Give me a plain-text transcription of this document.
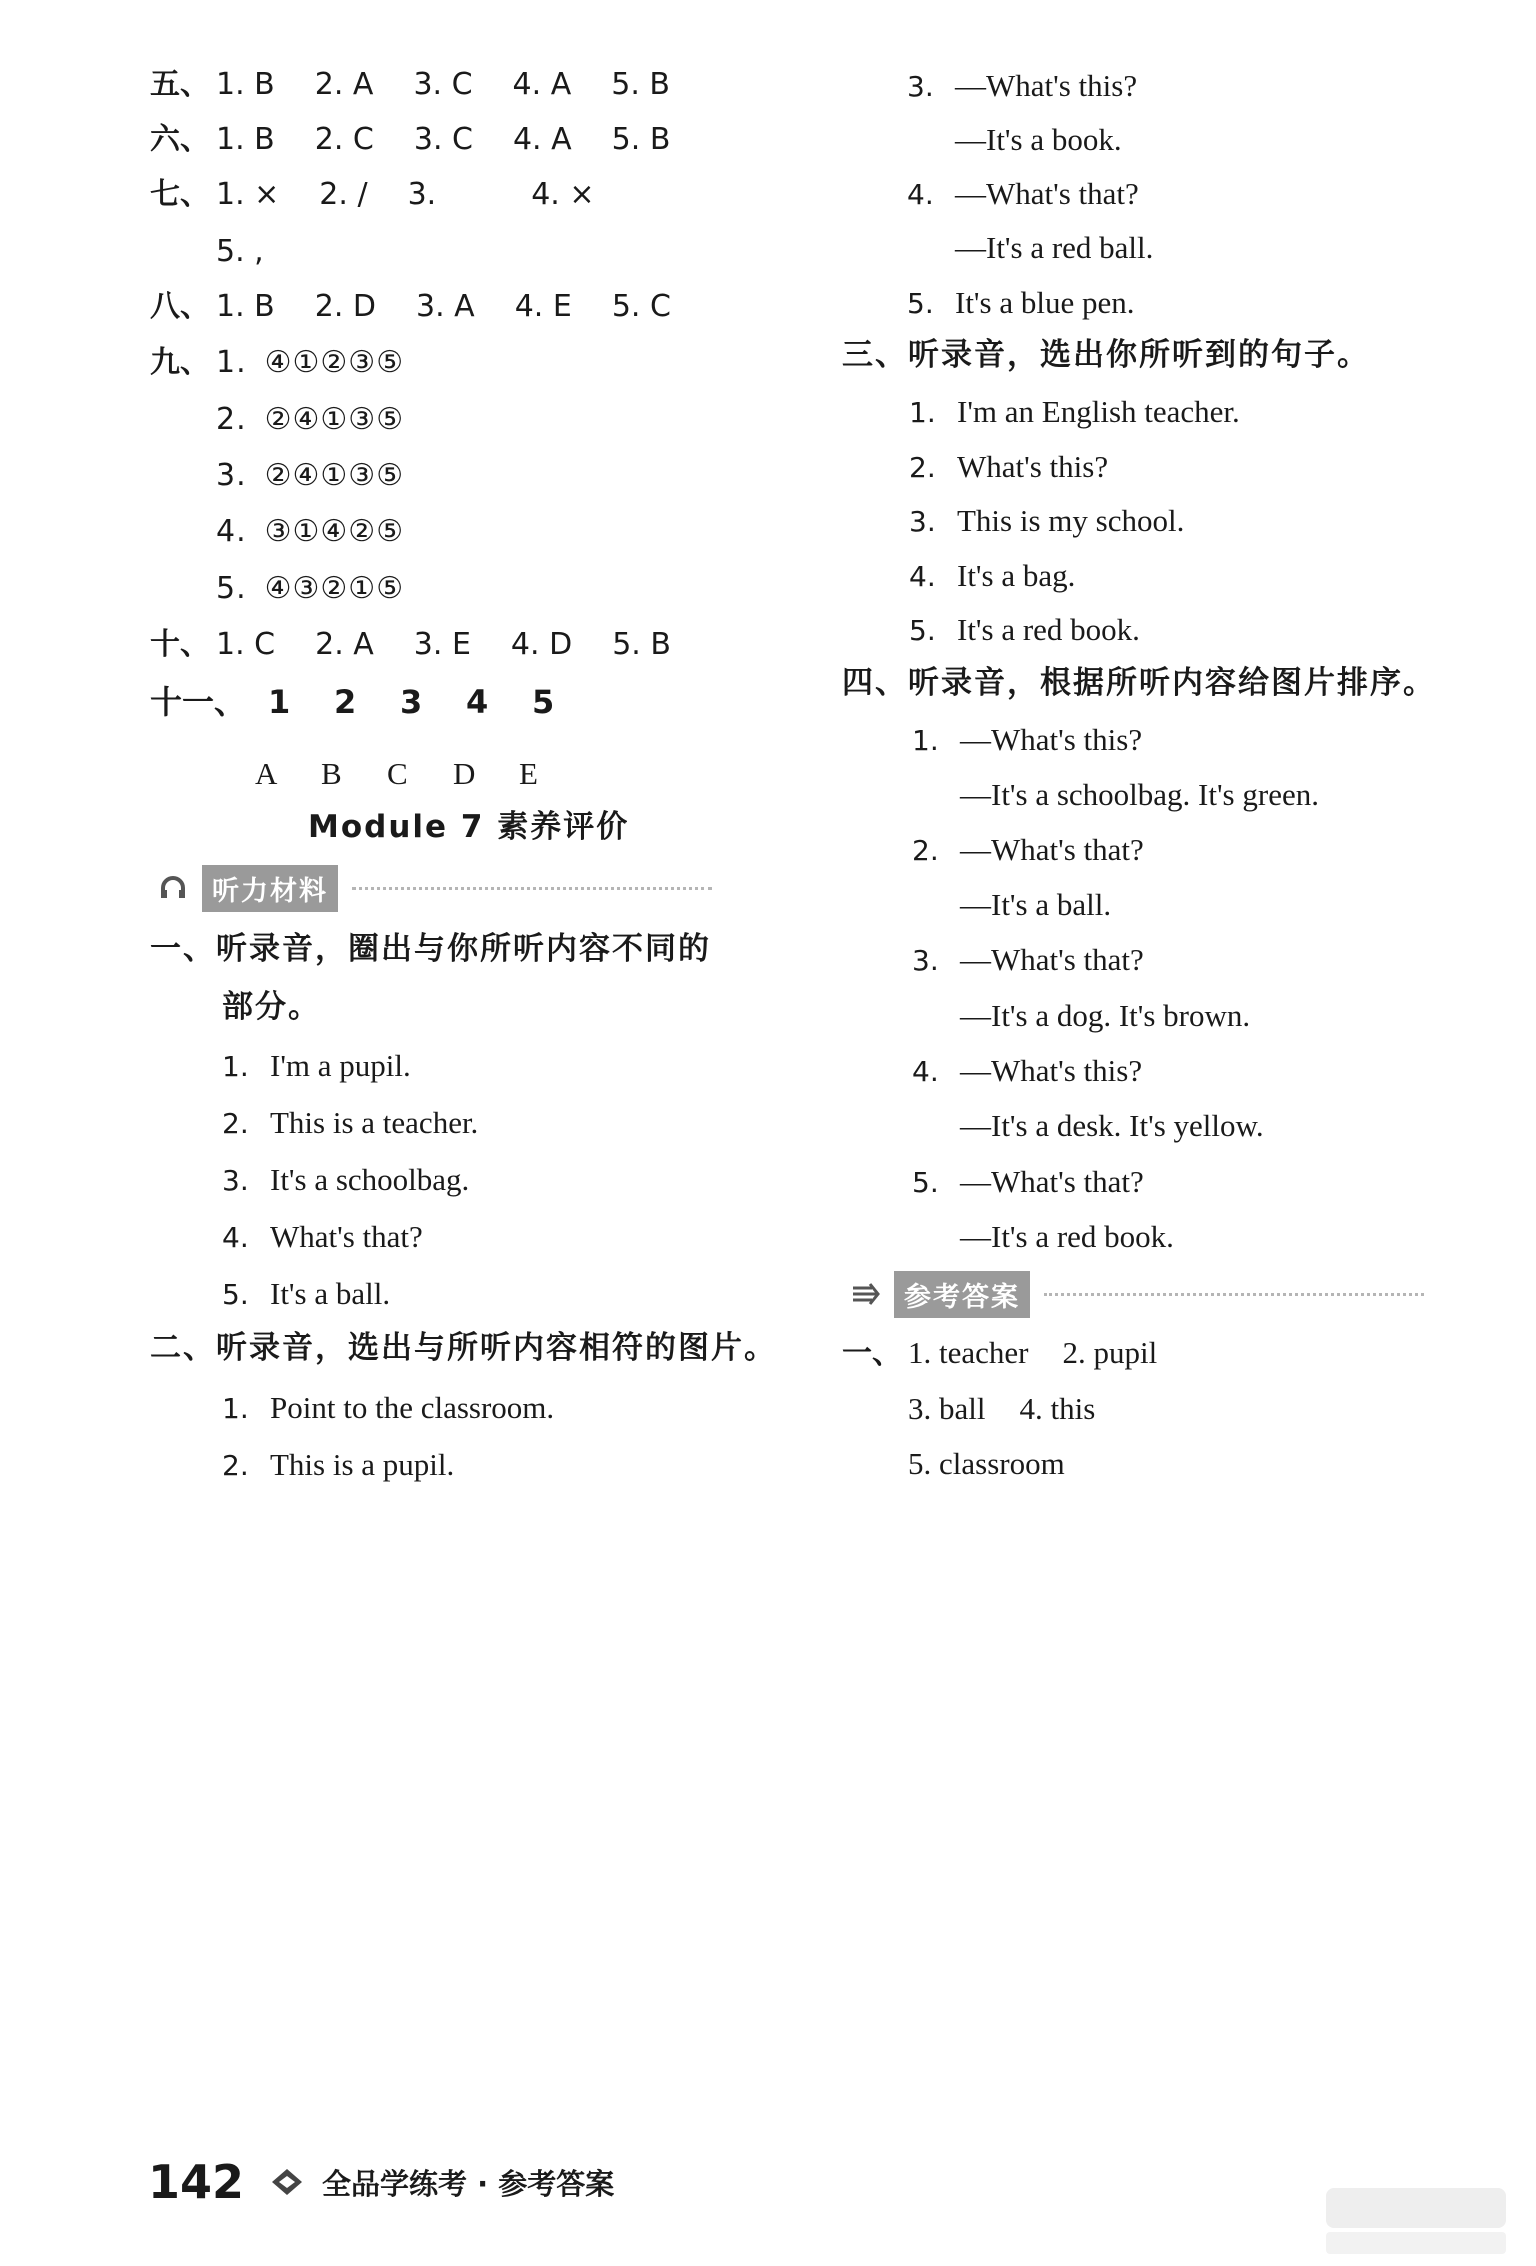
五、 1. B 2. A 3. C 4. A 5. B
六、 1. B 2. C 3. C 4. A 5. B
七、 1. × 2. / 3.	4. ×
5. ,
八、 1. B 2. D 3. A 4. E 5. C
九、 1. ④①②③⑤
2. ②④①③⑤
3. ②④①③⑤
4. ③①④②⑤
5. ④③②①⑤
十、 1. C 2. A 3. E 4. D 5. B
十一、 1 2 3 4 5
A B C D E
Module 7 素养评价
听力材料
一、听录音，圈出与你所听内容不同的
部分。
1. I'm a pupil.
2. This is a teacher.
3. It's a schoolbag.
4. What's that?
5. It's a ball.
二、听录音，选出与所听内容相符的图片。
1. Point to the classroom.
2. This is a pupil.
3. —What's this?
—It's a book.
4. —What's that?
—It's a red ball.
5. It's a blue pen.
三、听录音，选出你所听到的句子。
1. I'm an English teacher.
2. What's this?
3. This is my school.
4. It's a bag.
5. It's a red book.
四、听录音，根据所听内容给图片排序。
1. —What's this?
—It's a schoolbag. It's green.
2. —What's that?
—It's a ball.
3. —What's that?
—It's a dog. It's brown.
4. —What's this?
—It's a desk. It's yellow.
5. —What's that?
—It's a red book.
参考答案
一、 1. teacher 2. pupil
3. ball 4. this
5. classroom
142	全品学练考 · 参考答案
